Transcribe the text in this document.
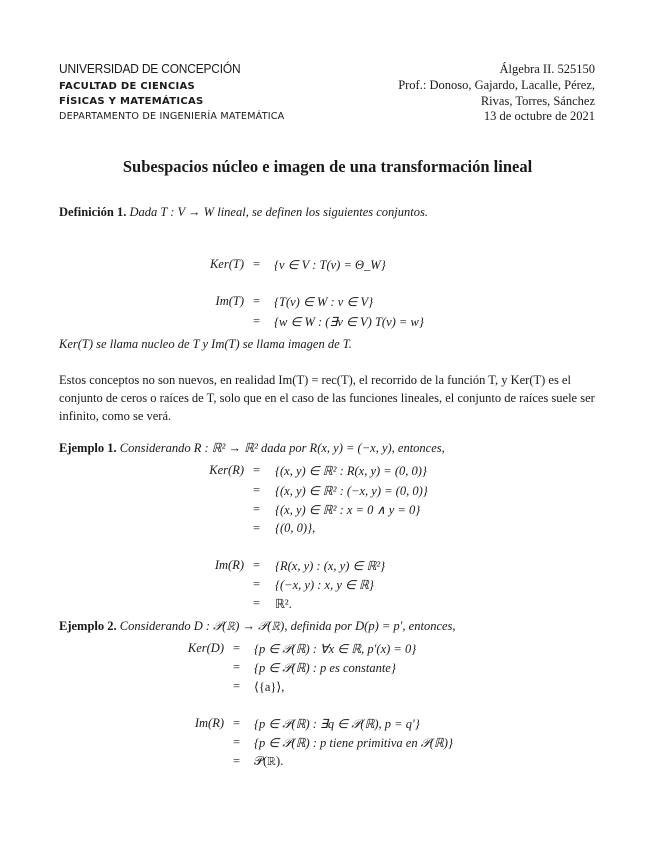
UNIVERSIDAD DE CONCEPCIÓN
FACULTAD DE CIENCIAS
FÍSICAS Y MATEMÁTICAS
DEPARTAMENTO DE INGENIERÍA MATEMÁTICA
Álgebra II. 525150
Prof.: Donoso, Gajardo, Lacalle, Pérez,
Rivas, Torres, Sánchez
13 de octubre de 2021
Subespacios núcleo e imagen de una transformación lineal
Definición 1. Dada T : V → W lineal, se definen los siguientes conjuntos.
Ker(T) = {v ∈ V : T(v) = Θ_W}
Im(T) = {T(v) ∈ W : v ∈ V}
= {w ∈ W : (∃v ∈ V) T(v) = w}
Ker(T) se llama nucleo de T y Im(T) se llama imagen de T.
Estos conceptos no son nuevos, en realidad Im(T) = rec(T), el recorrido de la función T, y Ker(T) es el conjunto de ceros o raíces de T, solo que en el caso de las funciones lineales, el conjunto de raíces suele ser infinito, como se verá.
Ejemplo 1. Considerando R : ℝ² → ℝ² dada por R(x, y) = (−x, y), entonces,
Ker(R) = {(x, y) ∈ ℝ² : R(x, y) = (0, 0)}
= {(x, y) ∈ ℝ² : (−x, y) = (0, 0)}
= {(x, y) ∈ ℝ² : x = 0 ∧ y = 0}
= {(0, 0)},
Im(R) = {R(x, y) : (x, y) ∈ ℝ²}
= {(−x, y) : x, y ∈ ℝ}
= ℝ².
Ejemplo 2. Considerando D : 𝒫(ℝ) → 𝒫(ℝ), definida por D(p) = p′, entonces,
Ker(D) = {p ∈ 𝒫(ℝ) : ∀x ∈ ℝ, p′(x) = 0}
= {p ∈ 𝒫(ℝ) : p es constante}
= ⟨{a}⟩,
Im(R) = {p ∈ 𝒫(ℝ) : ∃q ∈ 𝒫(ℝ), p = q′}
= {p ∈ 𝒫(ℝ) : p tiene primitiva en 𝒫(ℝ)}
= 𝒫(ℝ).
